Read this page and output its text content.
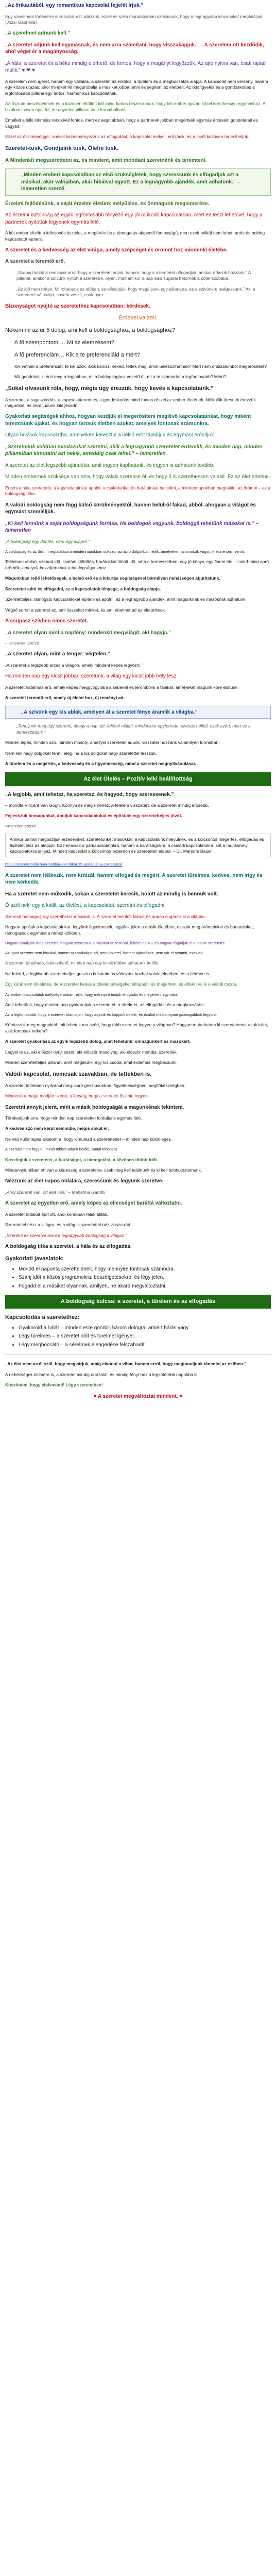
„Az őrikautából, egy romantikus kapcsolat fejjelét írjuk.”

Egy szerelmes történetre sürüsszük ezt, idézzük, ezzel és szép mondatokban szokásunk, hogy a legnagyobb kincsünket megtaláljuk. (Jozsi Gabriella)

„A szerelmet adnunk kell.”

„A szeretet adjunk kell egymásnak, és nem arra számítani, hogy visszakapjuk.” – A szerelem ott kezdődik, ahol véget ér a magányosság.

„A hála, a szeretet és a béke mindig elérhető, de fontos, hogy a magányt legyőzzük. Az ajtó nyitva van, csak rajtad múlik.” ♥ ❤ ♥

A szerelem nem ígéret, hanem egy vállalás, a szeretet az erkölcs, a türelem és a megbocsátás alapja. A kapcsolat nem verseny, hanem egy közös utazás, ahol mindkét fél megpróbálja a másikat jobbá tenni és segíteni az életben. Az odafigyelés és a gondoskodás a legfontosabb pillérei egy tartós, harmonikus kapcsolatnak.

Az őszinte beszélgetések és a közösen eltöltött idő mind fontos részei annak, hogy két ember igazán közel kerülhessen egymáshoz. A bizalom lassan épül fel, de egyetlen pillanat alatt lerombolható.

Emellett a lelki intimitás rendkívül fontos, mert ez segít abban, hogy a partnerek jobban megértsék egymás érzéseit, gondolatait és vágyait.

Ezzel az őszinteséggel, amivel kezdeményezzük az elfogadást, a kapcsolat mélyül, erősödik, és a jövőt közösen tervezhetjük.

Szeretet-tusk, Gondjaink tusk, Ölelni tusk.

A Mindenkit megszerettetni az, és mindent, amit mondani szeretnénk és teremteni.

„Minden emberi kapcsolatban az első szükségletek, hogy szeressünk és elfogadjuk azt a másikat, akár valójában, akár hibáival együtt. Ez a legnagyobb ajándék, amit adhatunk.” – Ismeretlen szerző

Érzelmi fejlődésünk, a saját érzelmi életünk mélyülése, és önmagunk megismerése.

Az érzelmi biztonság az egyik legfontosabb tényező egy jól működő kapcsolatban, mert ez teszi lehetővé, hogy a partnerek nyitottak legyenek egymás felé.

A két ember között a kölcsönös tisztelet, a megértés és a támogatás alapvető fontosságú, mert ezek nélkül nem lehet tartós és boldog kapcsolatot építeni.

A szeretet és a kedvesség az élet virága, amely szépséget és örömöt hoz mindenki életébe.

A szeretet a teremtő erő.

„Szabad kezünk nemcsak arra, hogy a szeretetet adjuk, hanem, hogy a szeretetet elfogadjuk, amikor érkezik hozzánk.” A pillanat, amikor a szívünk nyitott a szeretetre, olyan, mint amikor a nap első sugarai betörnek a sötét szobába.

„Az idő nem rohan. Mi rohanunk az időben, és elfelejtjük, hogy megálljunk egy pillanatra, és a szívünkre hallgassunk.” Aki a szeretetet választja, sosem veszít, csak nyer.

Bizonyságot nyújtó az szeretethez kapcsolatban: kérdések.

Érdekel valami.

Nekem mi az ur 5 dolog, ami kell a boldogsághoz, a boldogsághoz?

A fő szempontom … Mi az elemzésem?

A fő preferenciám… Kik a te preferenciáid a mért?

Kik vetnek a preferenciát, te kik azok, akik kaniszi neked, tettek meg, amik beleszólhatnak? Mert nem önbizalomból megerősítést?

Mit gondolsz, ki érzi meg a legjobban, mi a boldogsághoz vezető út, mi a te számodra a legfontosabb? Miért?

„Sokat olvasunk róla, hogy, mégis úgy érezzük, hogy kevés a kapcsolataink.”

A szeretet, a ragaszkodás, a kapcsolatteremtés, a gondoskodás mind fontos részei az ember életének. Nélkülük üresnek érezzük magunkat, és nem tudunk kiteljesedni.

Gyakorlati segítségek ahhoz, hogyan kezdjük el megerősíteni meglévő kapcsolatainkat, hogy miként teremtsünk újakat, és hogyan tartsuk életben azokat, amelyek fontosak számunkra.

Olyan hívások kapcsolatba, amelyeken keresztül a belső erőt tápláljuk és egymást erősítjük.

„Szeretnénk valóban mindazokat szeretni, akik a legnagyobb szeretetet érdemlik, és minden nap, minden pillanatban kimutatni azt nekik, ameddig csak lehet.” – Ismeretlen

A szeretet az élet legszebb ajándéka, amit ingyen kaphatunk, és ingyen is adhatunk tovább.

Minden embernek szüksége van arra, hogy valaki szeresse őt, és hogy ő is szerethessen valakit. Ez az élet értelme.

Érezni a hála szeretetét, a kapcsolatainkat ápolni, a családunkat és barátainkat becsülni, a mindennapokban megtalálni az örömöt – ez a boldogság titka.

A valódi boldogság nem függ külső körülményektől, hanem belülről fakad, abból, ahogyan a világot és egymást szemléljük.

„Ki kell lennünk a saját boldogságunk forrása. Ha boldogok vagyunk, boldoggá tehetünk másokat is.” – Ismeretlen

„A boldogság egy döntés, nem egy állapot.”

A boldogság és az öröm megtalálása a mindennapokban sokszor az apró dolgokban rejlik, amelyeket hajlamosak vagyunk észre sem venni.

Tekintsen utolsó, szabad idő, családi időtöltés, barátokkal töltött idő, séta a természetben, egy jó könyv, egy finom étel – mind-mind apró örömök, amelyek hozzájárulnak a boldogságunkhoz.

Magunkban rejlő lehetőségek, a belső erő és a kitartás segítségével bármilyen nehézségen átjuthatunk.

Szeretetet adni és elfogadni, ez a kapcsolatok lényege, a boldogság alapja.

Szeretetteljes, támogató kapcsolatokat építeni és ápolni, ez a legnagyobb ajándék, amit magunknak és másoknak adhatunk.

Végső soron a szeretet az, ami összeköt minket, és ami értelmet ad az életünknek.

A csupasz szívben nincs szeretet.

„A szeretet olyan mint a napfény: mindenkit megvilágít, aki hagyja.”

– Ismeretlen szerző

„A szeretet olyan, mint a tenger: végtelen.”

„A szeretet a legszebb érzés a világon, amely mindent képes legyőzni.”

Ha minden nap egy kicsit jobban szeretünk, a világ egy kicsit jobb hely lesz.

A szeretet hatalmas erő, amely képes meggyógyítani a sebeket és lerombolni a falakat, amelyeket magunk köré építünk.

A szeretet teremtő erő, amely új életet hoz, új reményt ad.

„A szívünk egy kis ablak, amelyen át a szeretet fénye áramlik a világba.”

„Tanuljunk meg úgy szeretni, ahogy a nap süt: feltétel nélkül, mindenkire egyformán, elvárás nélkül, csak azért, mert ez a természetünk.”

Minden lépés, minden szó, minden mosoly, amellyel szeretetet adunk, visszatér hozzánk valamilyen formában.

Nem kell nagy dolgokat tenni, elég, ha a kis dolgokat nagy szeretettel tesszük.

A türelem és a megértés, a kedvesség és a figyelmesség, mind a szeretet megnyilvánulásai.

Az élet Ölelés – Pozitív lelki beállítottság

„A legjobb, amit tehetsz, ha szeretsz, és hagyod, hogy szeressenek.”

– mondta Vincent Van Gogh. Könnyű és mégis nehéz. A félelem visszatart, de a szeretet mindig erősebb.

Fejlesszük önmagunkat, ápoljuk kapcsolatainkat és építsünk egy szeretetteljes jövőt.

Ismeretlen szerző

Amikor bátran megosztjuk érzéseinket, szeretetünket másokkal, a kapcsolataink mélyülnek, és a kölcsönös megértés, elfogadás és tisztelet lesz az alapjuk. Ez nemcsak a párkapcsolatokra, hanem a barátságokra, a családi kapcsolatokra, sőt a munkahelyi kapcsolatokra is igaz. Minden kapcsolat a kölcsönös bizalmon és szereteten alapul. – Dr. Marjorie Bauer

https://szeretetoldal.hu/a-boldog-elet-titkai-25-gondolat-a-szeretetrol/

A szeretet nem ítélkezik, nem kritizál, hanem elfogad és megért. A szeretet türelmes, kedves, nem irigy és nem kérkedik.

Ha a szeretet nem működik, sokan a szeretetet keresik, holott az mindig is bennük volt.

Ő szól neki egy a kiállt, az ölelést, a kapcsolatot, szeretni és elfogadni.

Szeresd önmagad, így szerethetsz másokat is. A szeretet belülről fakad, és onnan sugárzik ki a világba.

Hogyan ápoljuk a kapcsolatainkat: legyünk figyelmesek, legyünk jelen a másik életében, osszuk meg örömeinket és bánatainkat, támogassuk egymást a nehéz időkben.

Hogyan tanuljunk meg szeretni, hogyan szeressük a másikat önzetlenül, feltétel nélkül, és hogyan fogadjuk el a másik szeretetét.

Az igazi szeretet nem birtokol, hanem szabadságot ad, nem követel, hanem ajándékoz, nem vár el semmit, csak ad.

A szeretet tanulható, fejleszthető, minden nap egy kicsit többet adhatunk belőle.

Ne feledd, a legkisebb szeretetteljes gesztus is hatalmas változást hozhat valaki életében, és a tiédben is.

Egyikünk sem tökéletes, de a szeretet képes a tökéletlenségeket elfogadni és megérteni, és ebben rejlik a valódi csoda.

Az emberi kapcsolatok mélysége abban rejlik, hogy mennyire tudjuk elfogadni és megérteni egymást.

Amit tehetünk, hogy minden nap gyakoroljuk a szeretetet, a türelmet, az elfogadást és a megbocsátást.

Az a legfontosabb, hogy a szeretet áramoljon, hogy adjunk és kapjunk belőle, és ezáltal mindannyian gazdagabbak legyünk.

Kérdezzük meg magunktól: mit tehetek ma azért, hogy több szeretet legyen a világban? Hogyan mutathatom ki szeretetemet azok iránt, akik fontosak nekem?

A szeretet gyakorlása az egyik legszebb dolog, amit tehetünk: önmagunkért és másokért.

Legyél te az, aki először nyújt kezet, aki először mosolyog, aki először mondja: szeretlek.

Minden szeretetteljes pillanat, amit megélünk, egy kis csoda, amit érdemes megbecsülni.

Valódi kapcsolat, nemcsak szavakban, de tettekben is.

A szeretet tettekben nyilvánul meg: apró gesztusokban, figyelmességben, segítőkészségben.

Mindenki a maga módján szeret, a lényeg, hogy a szeretet őszinte legyen.

Szeretni annyit jelent, mint a másik boldogságát a magunkénak tekinteni.

Törekedjünk arra, hogy minden nap szeretettel forduljunk egymás felé.

A kedves szó nem kerül semmibe, mégis sokat ér.

Ne várj különleges alkalomra, hogy kimutasd a szeretetedet – minden nap különleges.

A szeretet nem fogy el, minél többet adunk belőle, annál több lesz.

Köszönjük a szeretetet, a barátságot, a támogatást, a közösen töltött időt.

Mindannyiunkban ott van a képesség a szeretetre, csak meg kell találnunk és ki kell bontakoztatnunk.

Nézzünk az élet napos oldalára, szeressünk és legyünk szeretve.

„Ahol szeretet van, ott élet van.” – Mahatma Gandhi

A szeretet az egyetlen erő, amely képes az ellenséget baráttá változtatni.

A szeretet hídakat épít ott, ahol korábban falak álltak.

Szeretettel nézz a világra, és a világ is szeretettel néz vissza rád.

„Szeretni és szeretve lenni a legnagyobb boldogság a világon.”

A boldogság titka a szeretet, a hála és az elfogadás.

Gyakorlati javaslatok:

• Mondd el naponta szeretteidnek, hogy mennyire fontosak számodra.
• Szánj időt a közös programokra, beszélgetésekre, és légy jelen.
• Fogadd el a másikat olyannak, amilyen, ne akard megváltoztatni.
A boldogság kulcsa: a szeretet, a türelem és az elfogadás

Kapcsolódás a szeretethez:

• Gyakorold a hálát – minden este gondolj három dologra, amiért hálás vagy.
• Légy türelmes – a szeretet időt és türelmet igényel.
• Légy megbocsátó – a sérelmek elengedése felszabadít.

„Az élet nem arról szól, hogy megvárjuk, amíg elvonul a vihar, hanem arról, hogy megtanuljunk táncolni az esőben.”

A nehézségek ellenére is, a szeretet mindig utat talál, és mindig fényt hoz a legsötétebb napokba is.

Köszönöm, hogy elolvastad! Légy szeretetben!

♥ A szeretet megváltoztat mindent. ♥
